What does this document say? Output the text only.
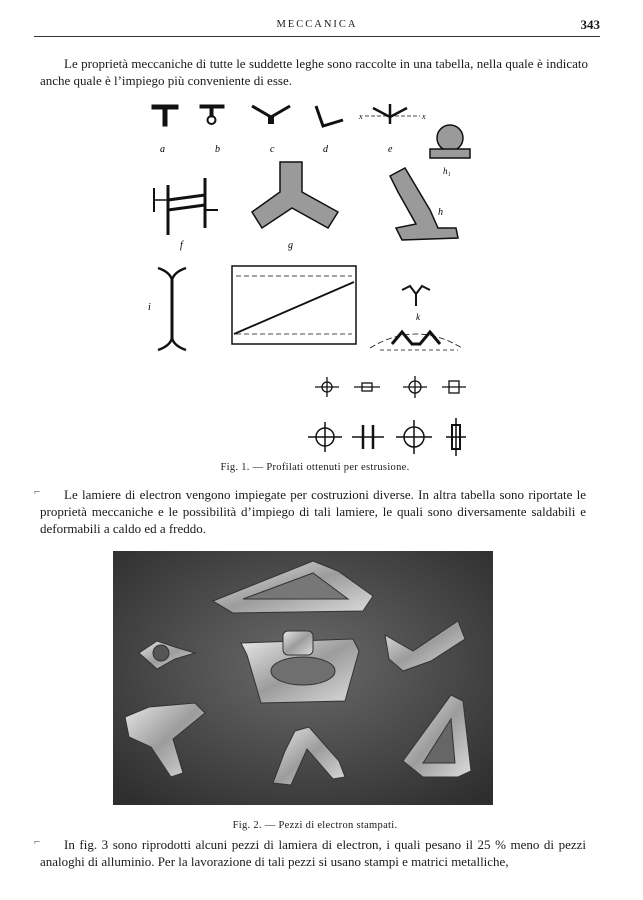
MECCANICA	343

Le proprietà meccaniche di tutte le suddette leghe sono raccolte in una tabella, nella quale è indicato anche quale è l’impiego più conveniente di esse.

a	b	c	d
x	x
e
h₁
f	g
h
i
k
Fig. 1. — Profilati ottenuti per estrusione.
⌐	Le lamiere di electron vengono impiegate per costruzioni diverse. In altra tabella sono riportate le proprietà meccaniche e le possibilità d’impiego di tali lamiere, le quali sono diversamente saldabili e deformabili a caldo ed a freddo.

Fig. 2. — Pezzi di electron stampati.
⌐	In fig. 3 sono riprodotti alcuni pezzi di lamiera di electron, i quali pesano il 25 % meno di pezzi analoghi di alluminio. Per la lavorazione di tali pezzi si usano stampi e matrici metalliche,
